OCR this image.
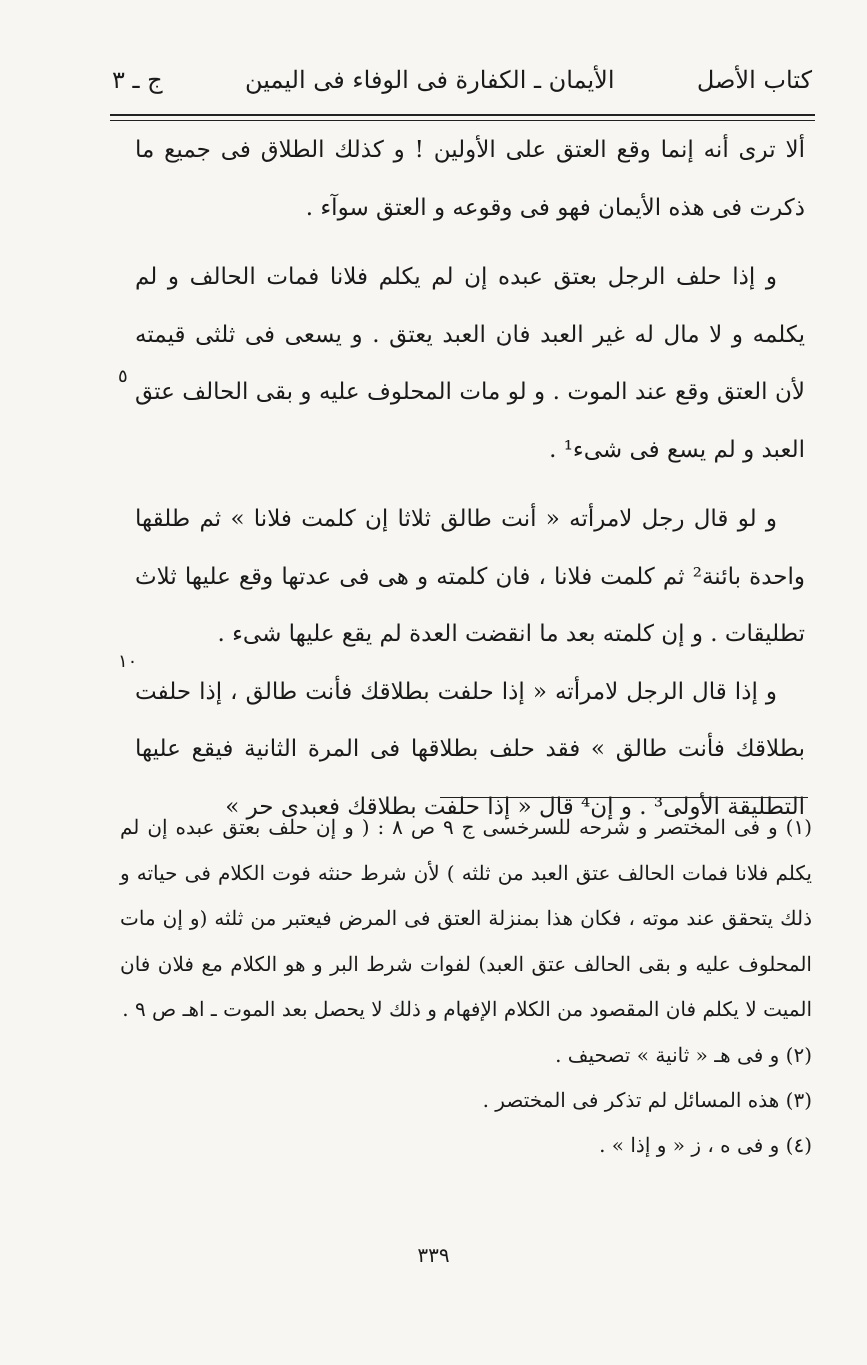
كتاب الأصل
الأيمان ـ الكفارة فى الوفاء فى اليمين
ج ـ ٣

ألا ترى أنه إنما وقع العتق على الأولين ! و كذلك الطلاق فى جميع ما ذكرت فى هذه الأيمان فهو فى وقوعه و العتق سوآء .

و إذا حلف الرجل بعتق عبده إن لم يكلم فلانا فمات الحالف و لم يكلمه و لا مال له غير العبد فان العبد يعتق . و يسعى فى ثلثى قيمته لأن العتق وقع عند الموت . و لو مات المحلوف عليه و بقى الحالف عتق العبد و لم يسع فى شىء¹ .

و لو قال رجل لامرأته « أنت طالق ثلاثا إن كلمت فلانا » ثم طلقها واحدة بائنة² ثم كلمت فلانا ، فان كلمته و هى فى عدتها وقع عليها ثلاث تطليقات . و إن كلمته بعد ما انقضت العدة لم يقع عليها شىء .

و إذا قال الرجل لامرأته « إذا حلفت بطلاقك فأنت طالق ، إذا حلفت بطلاقك فأنت طالق » فقد حلف بطلاقها فى المرة الثانية فيقع عليها التطليقة الأولى³ . و إن⁴ قال « إذا حلفت بطلاقك فعبدى حر »

٥
١٠

(١) و فى المختصر و شرحه للسرخسى ج ٩ ص ٨ : ( و إن حلف بعتق عبده إن لم يكلم فلانا فمات الحالف عتق العبد من ثلثه ) لأن شرط حنثه فوت الكلام فى حياته و ذلك يتحقق عند موته ، فكان هذا بمنزلة العتق فى المرض فيعتبر من ثلثه (و إن مات المحلوف عليه و بقى الحالف عتق العبد) لفوات شرط البر و هو الكلام مع فلان فان الميت لا يكلم فان المقصود من الكلام الإفهام و ذلك لا يحصل بعد الموت ـ اهـ ص ٩ .

(٢) و فى هـ « ثانية » تصحيف .

(٣) هذه المسائل لم تذكر فى المختصر .

(٤) و فى ه ، ز « و إذا » .

٣٣٩
